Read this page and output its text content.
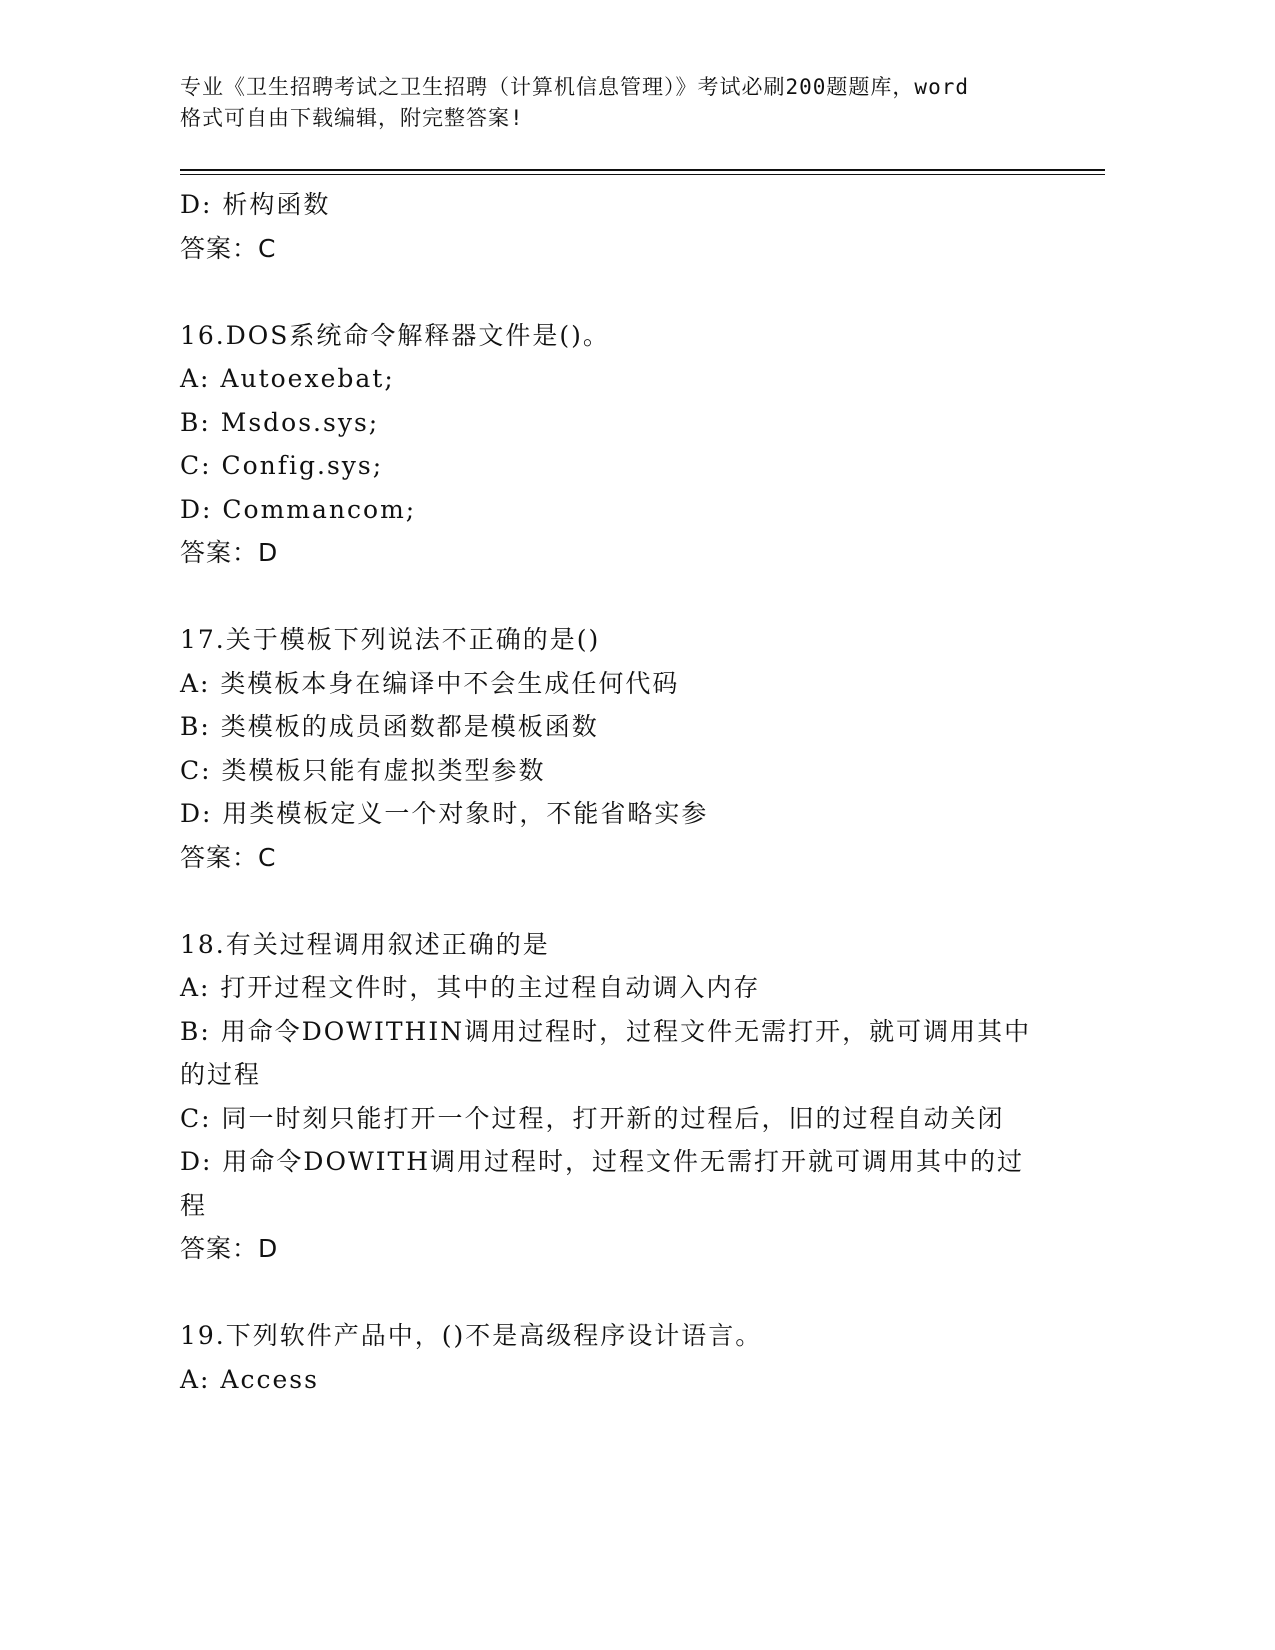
专业《卫生招聘考试之卫生招聘（计算机信息管理）》考试必刷200题题库，word
格式可自由下载编辑，附完整答案!
D: 析构函数
答案：C
16.DOS系统命令解释器文件是()。
A: Autoexebat;
B: Msdos.sys;
C: Config.sys;
D: Commancom;
答案：D
17.关于模板下列说法不正确的是()
A: 类模板本身在编译中不会生成任何代码
B: 类模板的成员函数都是模板函数
C: 类模板只能有虚拟类型参数
D: 用类模板定义一个对象时，不能省略实参
答案：C
18.有关过程调用叙述正确的是
A: 打开过程文件时，其中的主过程自动调入内存
B: 用命令DOWITHIN调用过程时，过程文件无需打开，就可调用其中
的过程
C: 同一时刻只能打开一个过程，打开新的过程后，旧的过程自动关闭
D: 用命令DOWITH调用过程时，过程文件无需打开就可调用其中的过
程
答案：D
19.下列软件产品中，()不是高级程序设计语言。
A: Access
